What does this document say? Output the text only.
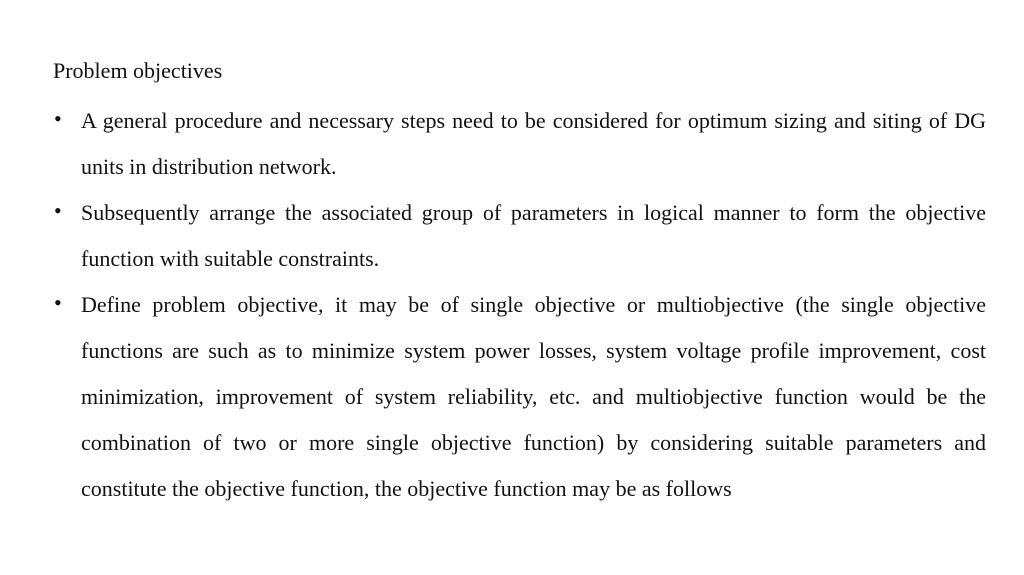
Problem objectives
• A general procedure and necessary steps need to be considered for optimum sizing and siting of DG units in distribution network.
• Subsequently arrange the associated group of parameters in logical manner to form the objective function with suitable constraints.
• Define problem objective, it may be of single objective or multiobjective (the single objective functions are such as to minimize system power losses, system voltage profile improvement, cost minimization, improvement of system reliability, etc. and multiobjective function would be the combination of two or more single objective function) by considering suitable parameters and constitute the objective function, the objective function may be as follows
